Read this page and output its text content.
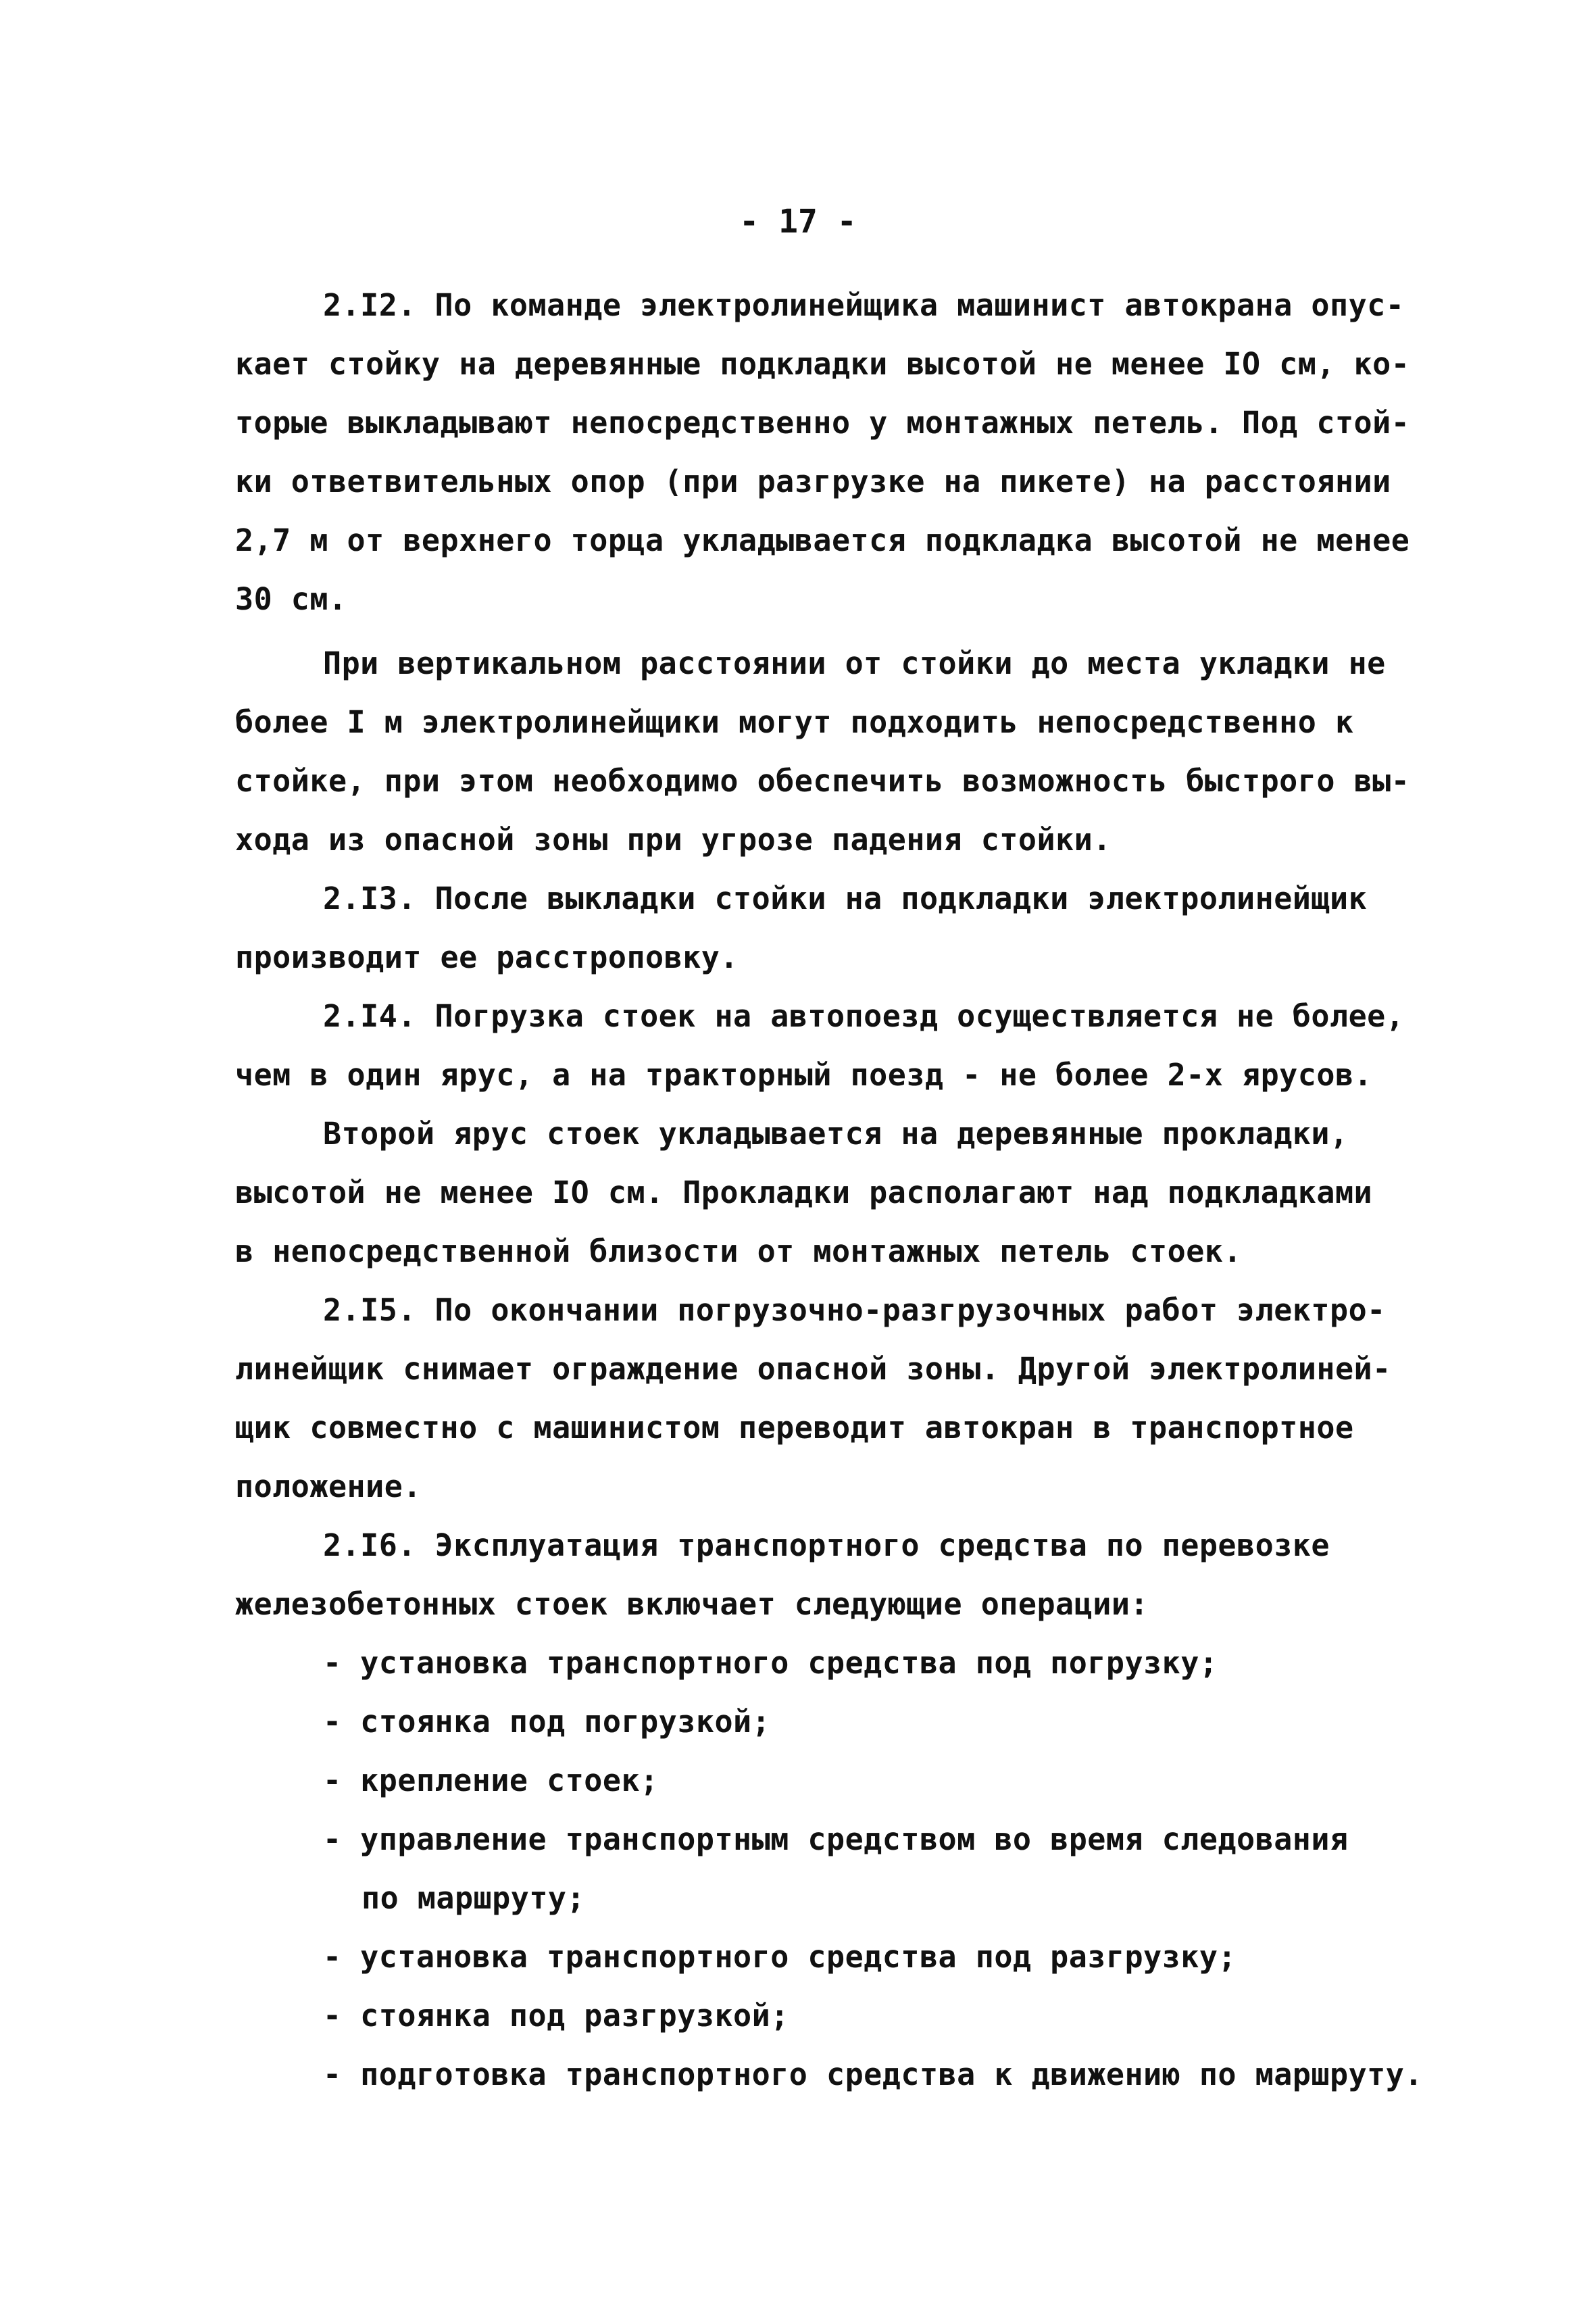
- 17 -
2.I2. По команде электролинейщика машинист автокрана опус-
кает стойку на деревянные подкладки высотой не менее IO см, ко-
торые выкладывают непосредственно у монтажных петель. Под стой-
ки ответвительных опор (при разгрузке на пикете) на расстоянии
2,7 м от верхнего торца укладывается подкладка высотой не менее
30 см.
При вертикальном расстоянии от стойки до места укладки не
более I м электролинейщики могут подходить непосредственно к
стойке, при этом необходимо обеспечить возможность быстрого вы-
хода из опасной зоны при угрозе падения стойки.
2.I3. После выкладки стойки на подкладки электролинейщик
производит ее расстроповку.
2.I4. Погрузка стоек на автопоезд осуществляется не более,
чем в один ярус, а на тракторный поезд - не более 2-х ярусов.
Второй ярус стоек укладывается на деревянные прокладки,
высотой не менее IO см. Прокладки располагают над подкладками
в непосредственной близости от монтажных петель стоек.
2.I5. По окончании погрузочно-разгрузочных работ электро-
линейщик снимает ограждение опасной зоны. Другой электролиней-
щик совместно с машинистом переводит автокран в транспортное
положение.
2.I6. Эксплуатация транспортного средства по перевозке
железобетонных стоек включает следующие операции:
- установка транспортного средства под погрузку;
- стоянка под погрузкой;
- крепление стоек;
- управление транспортным средством во время следования
по маршруту;
- установка транспортного средства под разгрузку;
- стоянка под разгрузкой;
- подготовка транспортного средства к движению по маршруту.
